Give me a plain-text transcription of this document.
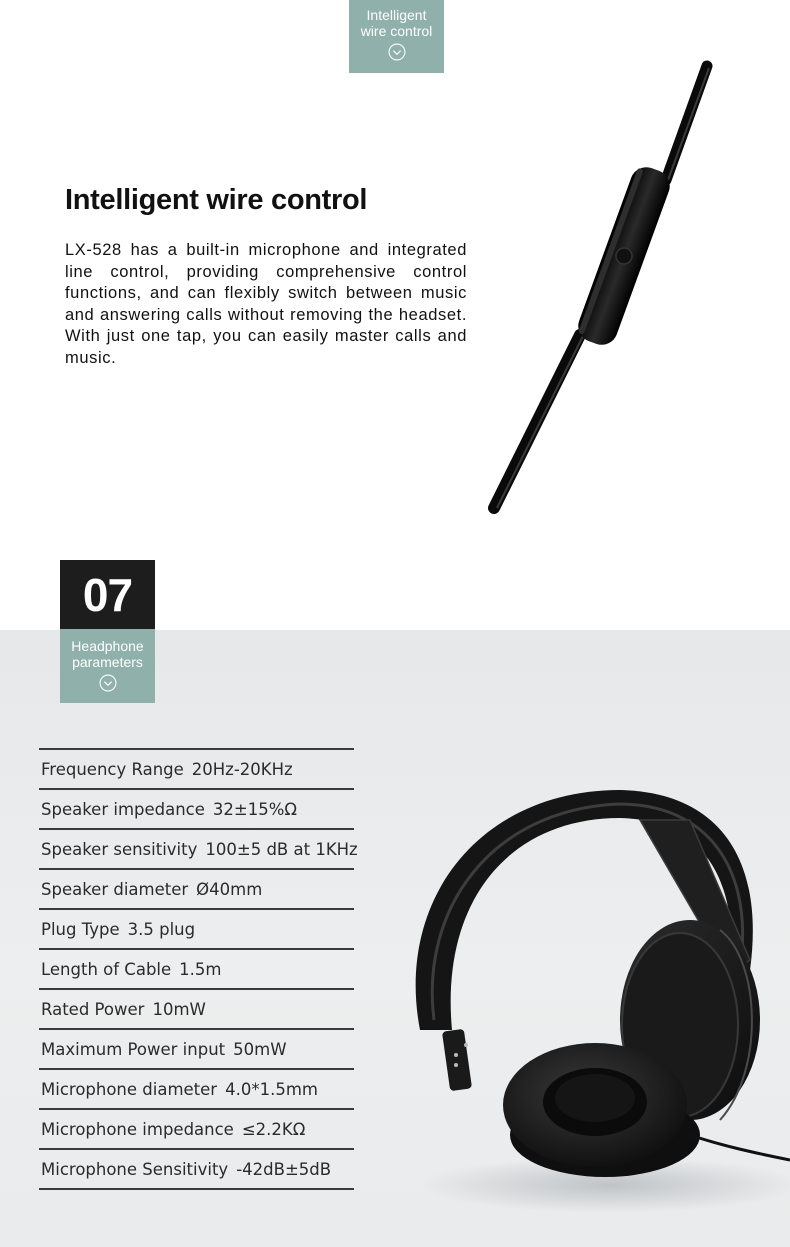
Intelligent
wire control
Intelligent wire control

LX-528 has a built-in microphone and integrated line control, providing comprehensive control functions, and can flexibly switch between music and answering calls without removing the headset. With just one tap, you can easily master calls and music.

07
Headphone
parameters
Frequency Range 20Hz-20KHz
Speaker impedance 32±15%Ω
Speaker sensitivity 100±5 dB at 1KHz
Speaker diameter Ø40mm
Plug Type 3.5 plug
Length of Cable 1.5m
Rated Power 10mW
Maximum Power input 50mW
Microphone diameter 4.0*1.5mm
Microphone impedance ≤2.2KΩ
Microphone Sensitivity -42dB±5dB
